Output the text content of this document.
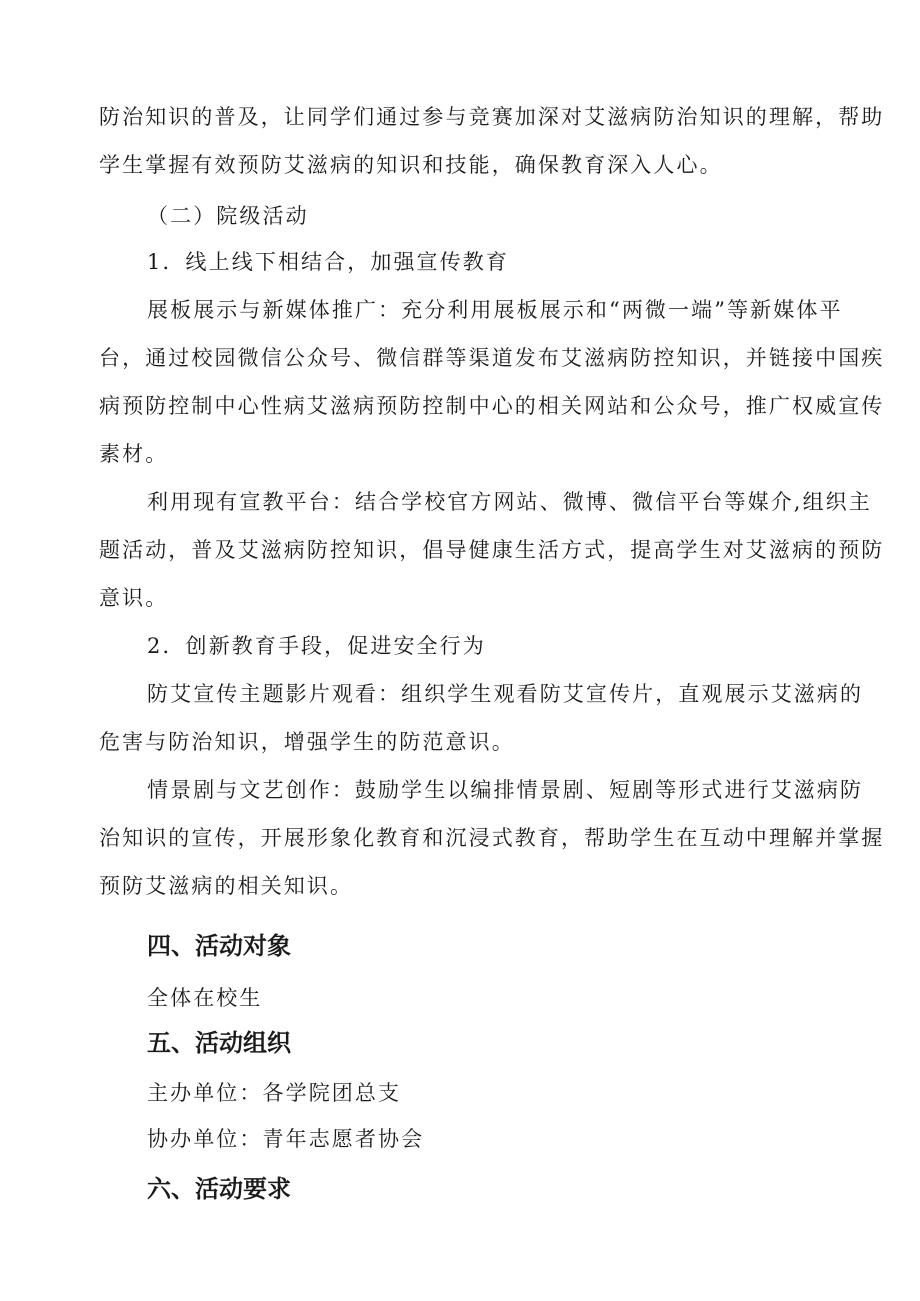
防治知识的普及，让同学们通过参与竞赛加深对艾滋病防治知识的理解，帮助
学生掌握有效预防艾滋病的知识和技能，确保教育深入人心。
（二）院级活动
1．线上线下相结合，加强宣传教育
展板展示与新媒体推广：充分利用展板展示和“两微一端”等新媒体平
台，通过校园微信公众号、微信群等渠道发布艾滋病防控知识，并链接中国疾
病预防控制中心性病艾滋病预防控制中心的相关网站和公众号，推广权威宣传
素材。
利用现有宣教平台：结合学校官方网站、微博、微信平台等媒介,组织主
题活动，普及艾滋病防控知识，倡导健康生活方式，提高学生对艾滋病的预防
意识。
2．创新教育手段，促进安全行为
防艾宣传主题影片观看：组织学生观看防艾宣传片，直观展示艾滋病的
危害与防治知识，增强学生的防范意识。
情景剧与文艺创作：鼓励学生以编排情景剧、短剧等形式进行艾滋病防
治知识的宣传，开展形象化教育和沉浸式教育，帮助学生在互动中理解并掌握
预防艾滋病的相关知识。
四、活动对象
全体在校生
五、活动组织
主办单位：各学院团总支
协办单位：青年志愿者协会
六、活动要求
